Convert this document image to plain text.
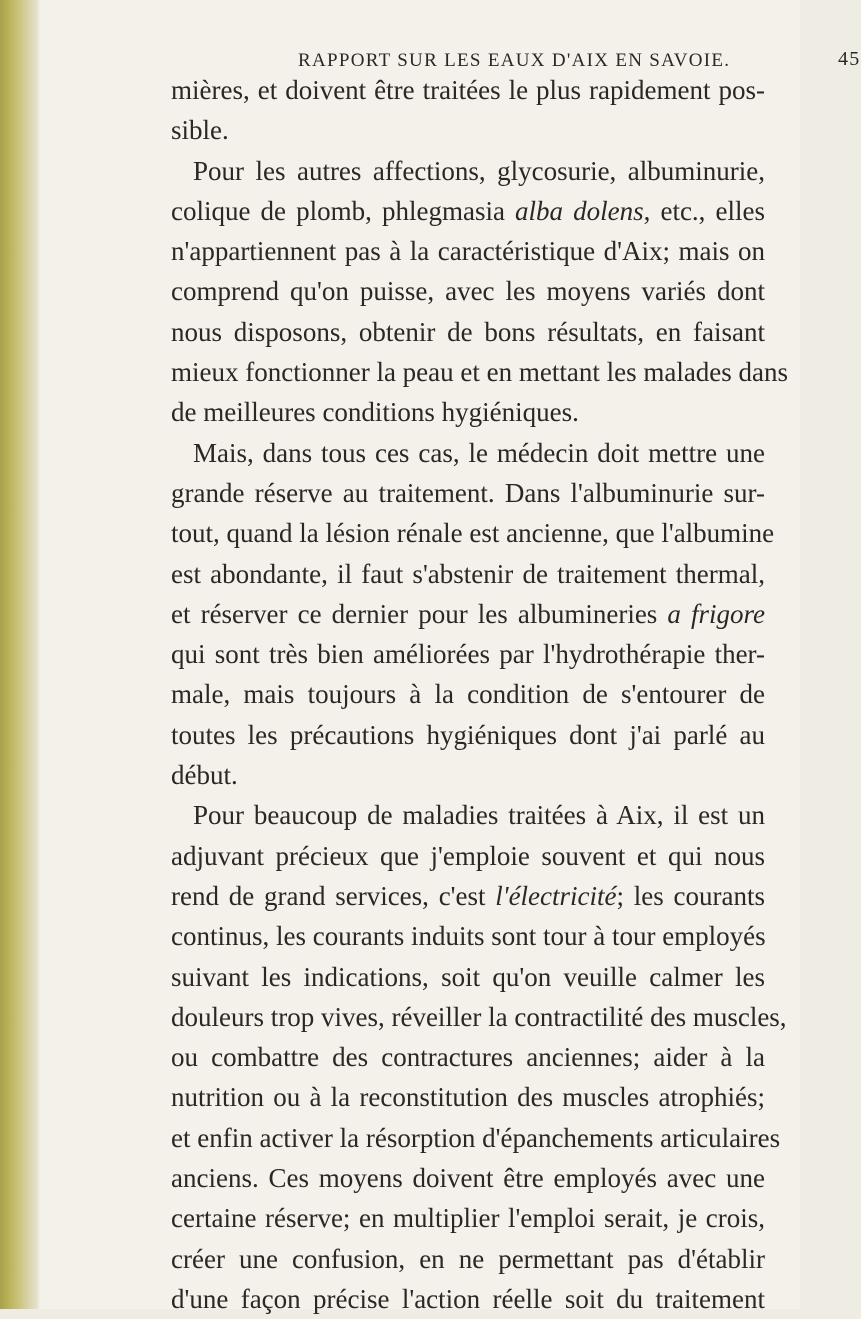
RAPPORT SUR LES EAUX D'AIX EN SAVOIE.	45
mières, et doivent être traitées le plus rapidement pos-
sible.
Pour les autres affections, glycosurie, albuminurie,
colique de plomb, phlegmasia alba dolens, etc., elles
n'appartiennent pas à la caractéristique d'Aix; mais on
comprend qu'on puisse, avec les moyens variés dont
nous disposons, obtenir de bons résultats, en faisant
mieux fonctionner la peau et en mettant les malades dans
de meilleures conditions hygiéniques.
Mais, dans tous ces cas, le médecin doit mettre une
grande réserve au traitement. Dans l'albuminurie sur-
tout, quand la lésion rénale est ancienne, que l'albumine
est abondante, il faut s'abstenir de traitement thermal,
et réserver ce dernier pour les albumineries a frigore
qui sont très bien améliorées par l'hydrothérapie ther-
male, mais toujours à la condition de s'entourer de
toutes les précautions hygiéniques dont j'ai parlé au
début.
Pour beaucoup de maladies traitées à Aix, il est un
adjuvant précieux que j'emploie souvent et qui nous
rend de grand services, c'est l'électricité; les courants
continus, les courants induits sont tour à tour employés
suivant les indications, soit qu'on veuille calmer les
douleurs trop vives, réveiller la contractilité des muscles,
ou combattre des contractures anciennes; aider à la
nutrition ou à la reconstitution des muscles atrophiés;
et enfin activer la résorption d'épanchements articulaires
anciens. Ces moyens doivent être employés avec une
certaine réserve; en multiplier l'emploi serait, je crois,
créer une confusion, en ne permettant pas d'établir
d'une façon précise l'action réelle soit du traitement
